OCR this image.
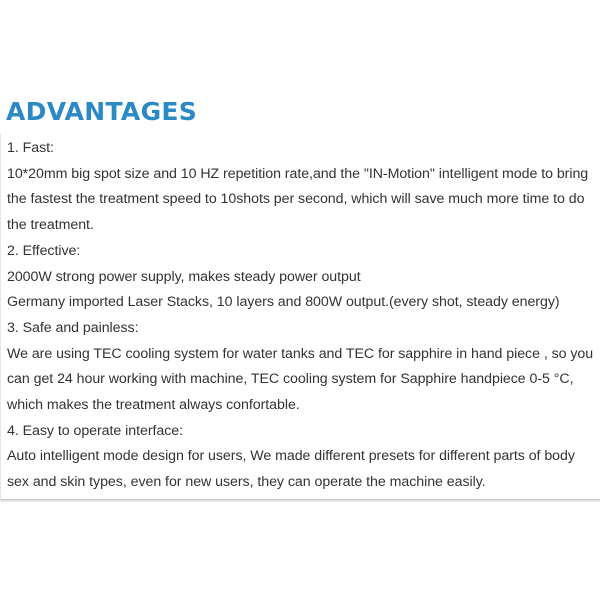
ADVANTAGES
1. Fast:
10*20mm big spot size and 10 HZ repetition rate,and the "IN-Motion" intelligent mode to bring
the fastest the treatment speed to 10shots per second, which will save much more time to do
the treatment.
2. Effective:
2000W strong power supply, makes steady power output
Germany imported Laser Stacks, 10 layers and 800W output.(every shot, steady energy)
3. Safe and painless:
We are using TEC cooling system for water tanks and TEC for sapphire in hand piece , so you
can get 24 hour working with machine, TEC cooling system for Sapphire handpiece 0-5 °C,
which makes the treatment always confortable.
4. Easy to operate interface:
Auto intelligent mode design for users, We made different presets for different parts of body
sex and skin types, even for new users, they can operate the machine easily.
